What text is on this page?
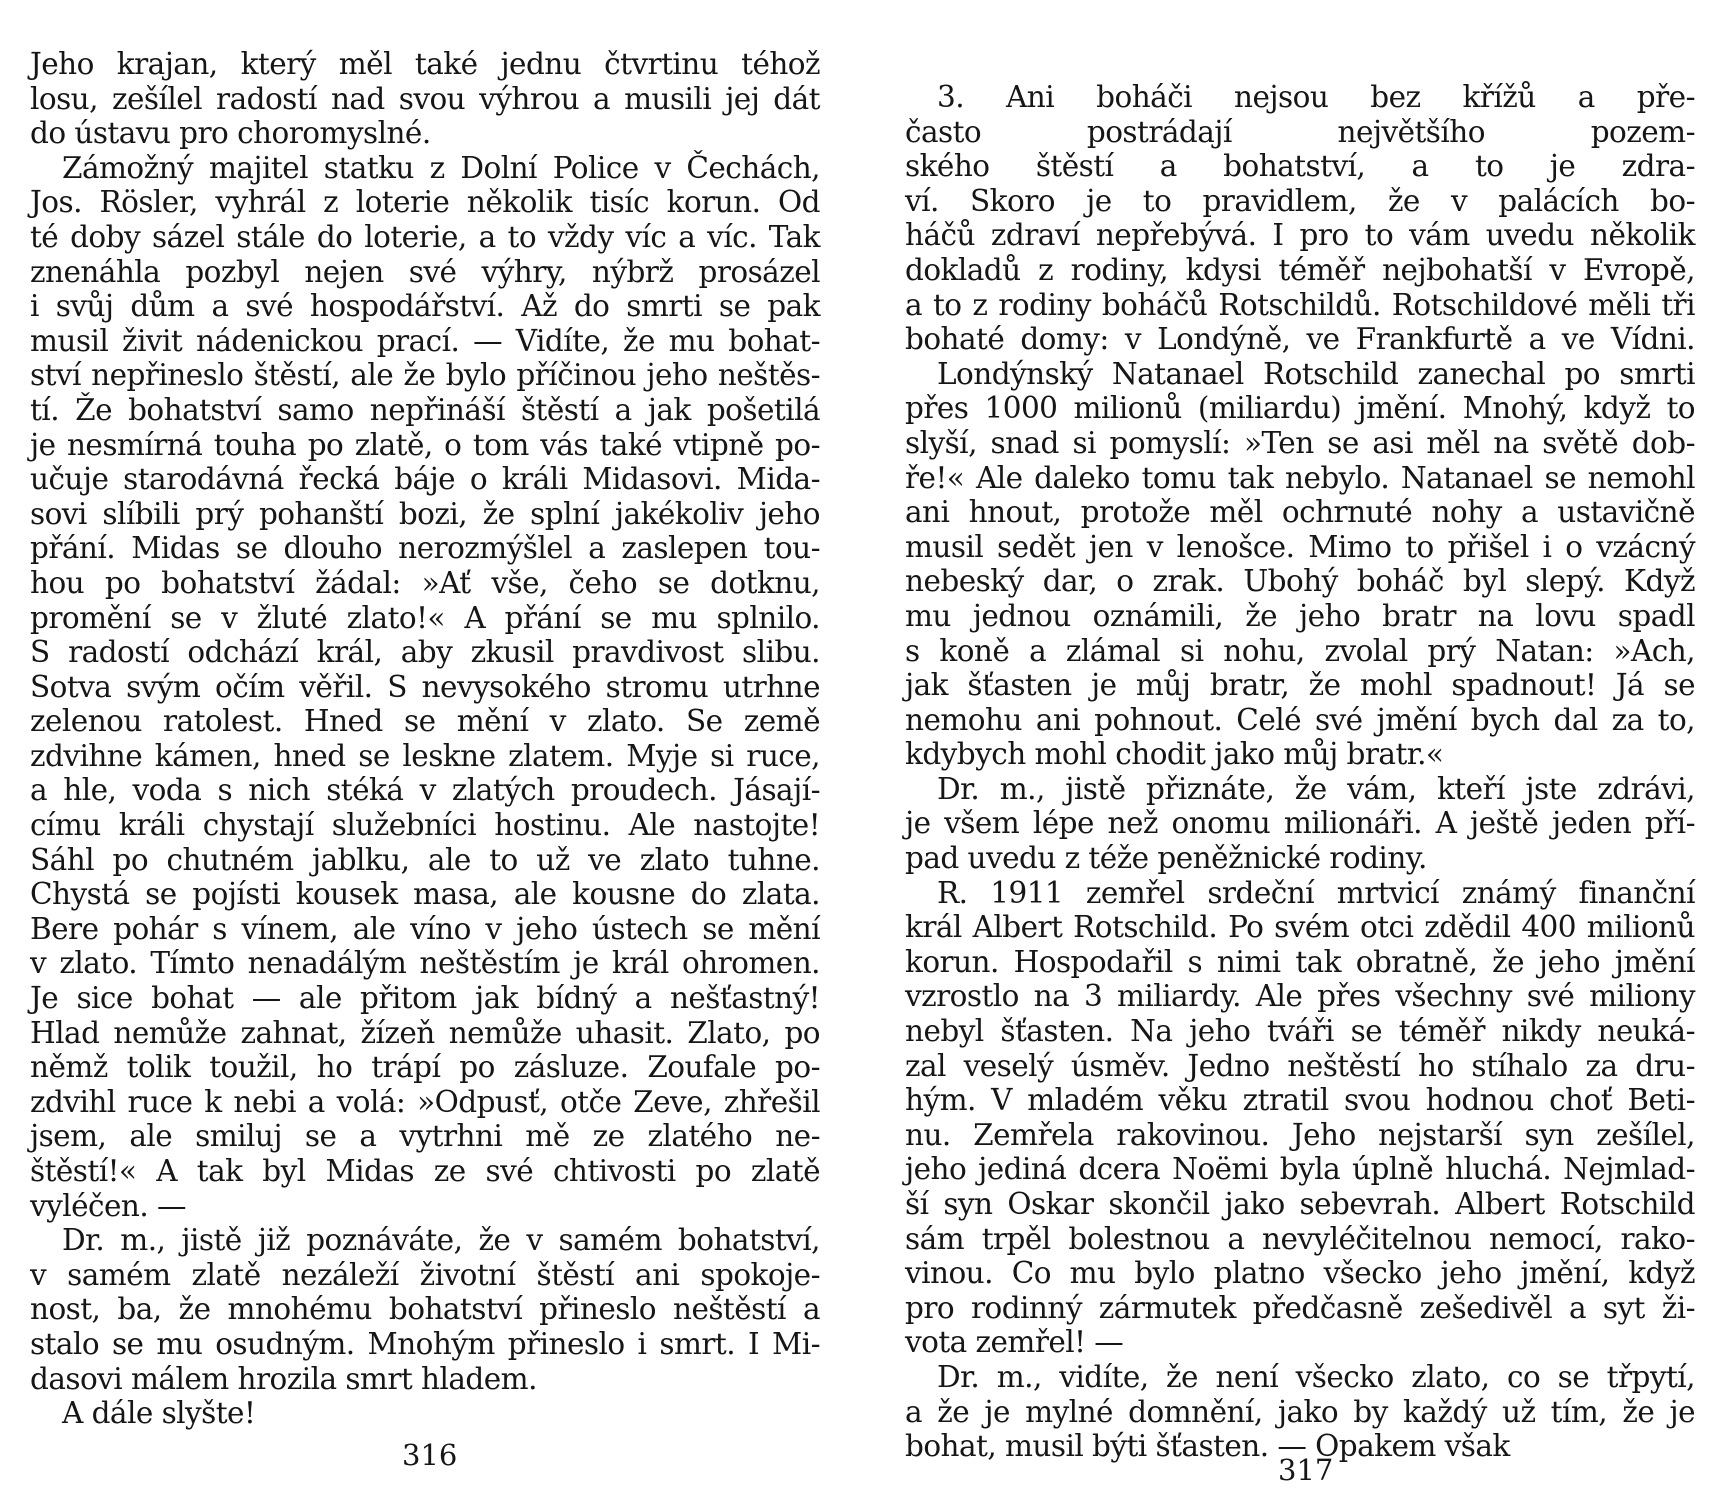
Jeho krajan, který měl také jednu čtvrtinu téhož
losu, zešílel radostí nad svou výhrou a musili jej dát
do ústavu pro choromyslné.
Zámožný majitel statku z Dolní Police v Čechách,
Jos. Rösler, vyhrál z loterie několik tisíc korun. Od
té doby sázel stále do loterie, a to vždy víc a víc. Tak
znenáhla pozbyl nejen své výhry, nýbrž prosázel
i svůj dům a své hospodářství. Až do smrti se pak
musil živit nádenickou prací. — Vidíte, že mu bohat-
ství nepřineslo štěstí, ale že bylo příčinou jeho neštěs-
tí. Že bohatství samo nepřináší štěstí a jak pošetilá
je nesmírná touha po zlatě, o tom vás také vtipně po-
učuje starodávná řecká báje o králi Midasovi. Mida-
sovi slíbili prý pohanští bozi, že splní jakékoliv jeho
přání. Midas se dlouho nerozmýšlel a zaslepen tou-
hou po bohatství žádal: »Ať vše, čeho se dotknu,
promění se v žluté zlato!« A přání se mu splnilo.
S radostí odchází král, aby zkusil pravdivost slibu.
Sotva svým očím věřil. S nevysokého stromu utrhne
zelenou ratolest. Hned se mění v zlato. Se země
zdvihne kámen, hned se leskne zlatem. Myje si ruce,
a hle, voda s nich stéká v zlatých proudech. Jásají-
címu králi chystají služebníci hostinu. Ale nastojte!
Sáhl po chutném jablku, ale to už ve zlato tuhne.
Chystá se pojísti kousek masa, ale kousne do zlata.
Bere pohár s vínem, ale víno v jeho ústech se mění
v zlato. Tímto nenadálým neštěstím je král ohromen.
Je sice bohat — ale přitom jak bídný a nešťastný!
Hlad nemůže zahnat, žízeň nemůže uhasit. Zlato, po
němž tolik toužil, ho trápí po zásluze. Zoufale po-
zdvihl ruce k nebi a volá: »Odpusť, otče Zeve, zhřešil
jsem, ale smiluj se a vytrhni mě ze zlatého ne-
štěstí!« A tak byl Midas ze své chtivosti po zlatě
vyléčen. —
Dr. m., jistě již poznáváte, že v samém bohatství,
v samém zlatě nezáleží životní štěstí ani spokoje-
nost, ba, že mnohému bohatství přineslo neštěstí a
stalo se mu osudným. Mnohým přineslo i smrt. I Mi-
dasovi málem hrozila smrt hladem.
A dále slyšte!
316
3. Ani boháči nejsou bez křížů a pře-
často postrádají největšího pozem-
ského štěstí a bohatství, a to je zdra-
ví. Skoro je to pravidlem, že v palácích bo-
háčů zdraví nepřebývá. I pro to vám uvedu několik
dokladů z rodiny, kdysi téměř nejbohatší v Evropě,
a to z rodiny boháčů Rotschildů. Rotschildové měli tři
bohaté domy: v Londýně, ve Frankfurtě a ve Vídni.
Londýnský Natanael Rotschild zanechal po smrti
přes 1000 milionů (miliardu) jmění. Mnohý, když to
slyší, snad si pomyslí: »Ten se asi měl na světě dob-
ře!« Ale daleko tomu tak nebylo. Natanael se nemohl
ani hnout, protože měl ochrnuté nohy a ustavičně
musil sedět jen v lenošce. Mimo to přišel i o vzácný
nebeský dar, o zrak. Ubohý boháč byl slepý. Když
mu jednou oznámili, že jeho bratr na lovu spadl
s koně a zlámal si nohu, zvolal prý Natan: »Ach,
jak šťasten je můj bratr, že mohl spadnout! Já se
nemohu ani pohnout. Celé své jmění bych dal za to,
kdybych mohl chodit jako můj bratr.«
Dr. m., jistě přiznáte, že vám, kteří jste zdrávi,
je všem lépe než onomu milionáři. A ještě jeden pří-
pad uvedu z téže peněžnické rodiny.
R. 1911 zemřel srdeční mrtvicí známý finanční
král Albert Rotschild. Po svém otci zdědil 400 milionů
korun. Hospodařil s nimi tak obratně, že jeho jmění
vzrostlo na 3 miliardy. Ale přes všechny své miliony
nebyl šťasten. Na jeho tváři se téměř nikdy neuká-
zal veselý úsměv. Jedno neštěstí ho stíhalo za dru-
hým. V mladém věku ztratil svou hodnou choť Beti-
nu. Zemřela rakovinou. Jeho nejstarší syn zešílel,
jeho jediná dcera Noëmi byla úplně hluchá. Nejmlad-
ší syn Oskar skončil jako sebevrah. Albert Rotschild
sám trpěl bolestnou a nevyléčitelnou nemocí, rako-
vinou. Co mu bylo platno všecko jeho jmění, když
pro rodinný zármutek předčasně zešedivěl a syt ži-
vota zemřel! —
Dr. m., vidíte, že není všecko zlato, co se třpytí,
a že je mylné domnění, jako by každý už tím, že je
bohat, musil býti šťasten. — Opakem však
317
